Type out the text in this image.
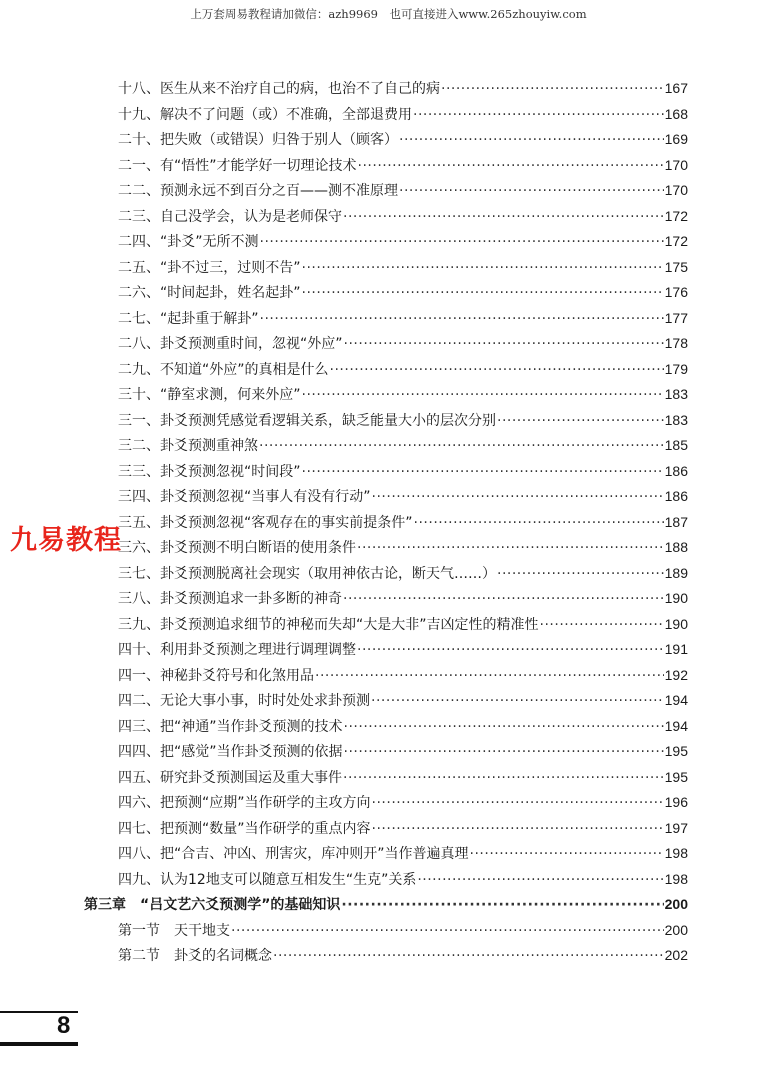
上万套周易教程请加微信：azh9969　也可直接进入www.265zhouyiw.com
十八、医生从来不治疗自己的病，也治不了自己的病 ·····	167
十九、解决不了问题（或）不准确，全部退费用 ·····	168
二十、把失败（或错误）归咎于别人（顾客） ·····	169
二一、有“悟性”才能学好一切理论技术 ·····	170
二二、预测永远不到百分之百——测不准原理 ·····	170
二三、自己没学会，认为是老师保守 ·····	172
二四、“卦爻”无所不测 ·····	172
二五、“卦不过三，过则不告” ·····	175
二六、“时间起卦，姓名起卦” ·····	176
二七、“起卦重于解卦” ·····	177
二八、卦爻预测重时间，忽视“外应” ·····	178
二九、不知道“外应”的真相是什么 ·····	179
三十、“静室求测，何来外应” ·····	183
三一、卦爻预测凭感觉看逻辑关系，缺乏能量大小的层次分别 ·····	183
三二、卦爻预测重神煞 ·····	185
三三、卦爻预测忽视“时间段” ·····	186
三四、卦爻预测忽视“当事人有没有行动” ·····	186
三五、卦爻预测忽视“客观存在的事实前提条件” ·····	187
三六、卦爻预测不明白断语的使用条件 ·····	188
三七、卦爻预测脱离社会现实（取用神依古论，断天气……） ·····	189
三八、卦爻预测追求一卦多断的神奇 ·····	190
三九、卦爻预测追求细节的神秘而失却“大是大非”吉凶定性的精准性 ·····	190
四十、利用卦爻预测之理进行调理调整 ·····	191
四一、神秘卦爻符号和化煞用品 ·····	192
四二、无论大事小事，时时处处求卦预测 ·····	194
四三、把“神通”当作卦爻预测的技术 ·····	194
四四、把“感觉”当作卦爻预测的依据 ·····	195
四五、研究卦爻预测国运及重大事件 ·····	195
四六、把预测“应期”当作研学的主攻方向 ·····	196
四七、把预测“数量”当作研学的重点内容 ·····	197
四八、把“合吉、冲凶、刑害灾，库冲则开”当作普遍真理 ·····	198
四九、认为12地支可以随意互相发生“生克”关系 ·····	198
第三章　“吕文艺六爻预测学”的基础知识 ·····	200
第一节　天干地支 ·····	200
第二节　卦爻的名词概念 ·····	202
九易教程
8
